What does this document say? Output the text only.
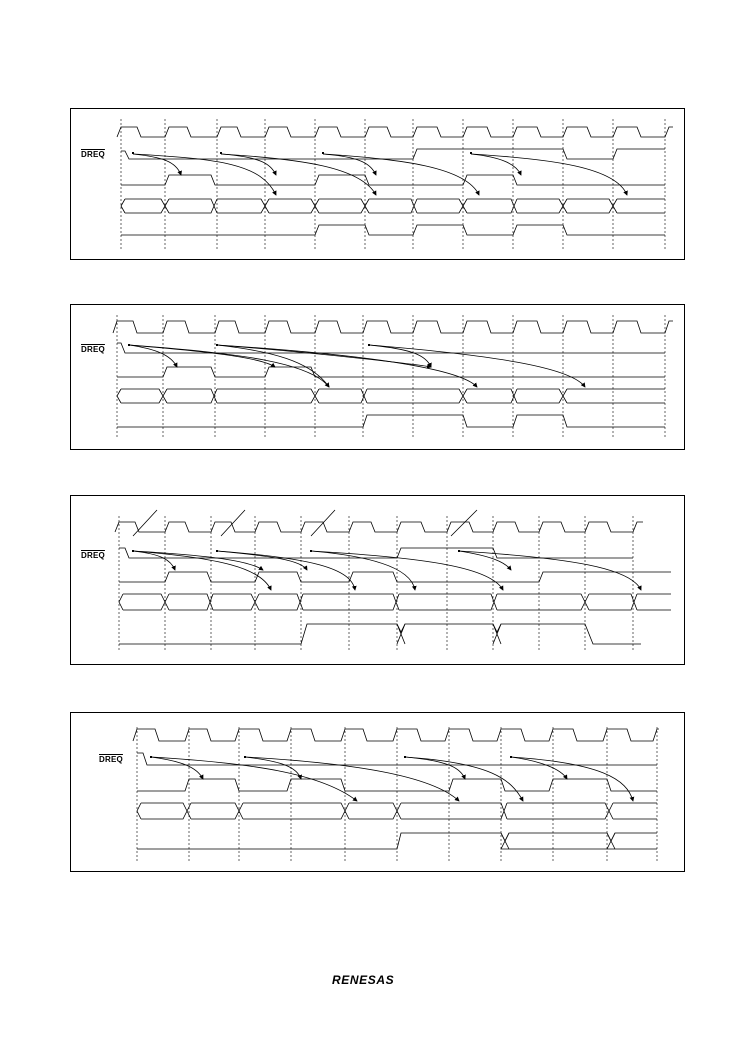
DREQ
DREQ
DREQ
DREQ
RENESAS
